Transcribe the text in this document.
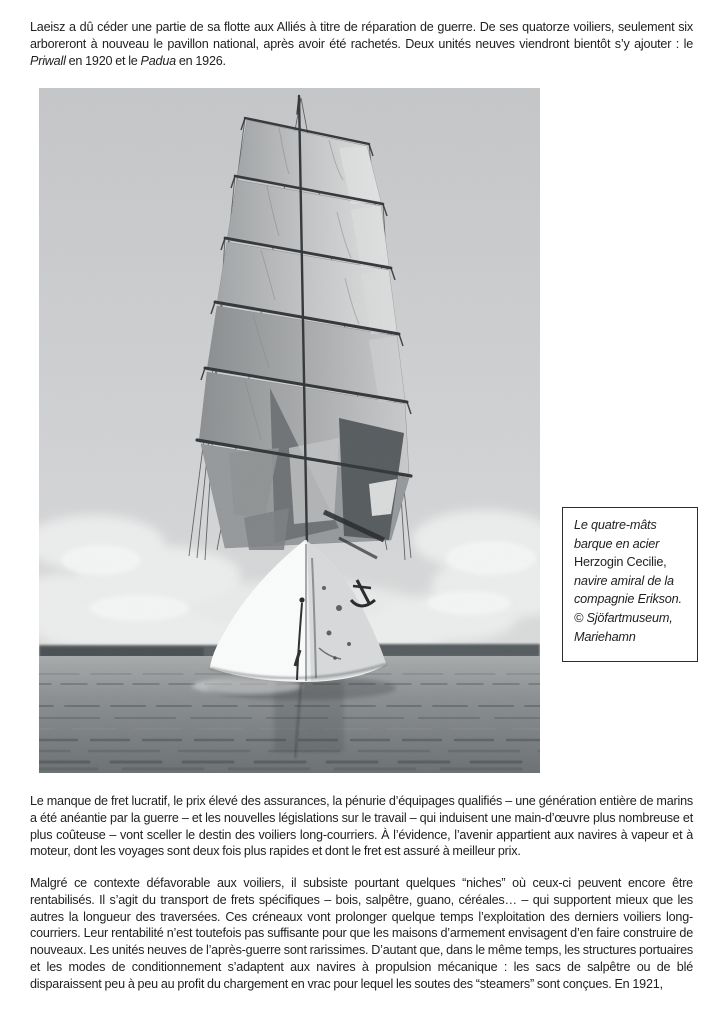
Laeisz a dû céder une partie de sa flotte aux Alliés à titre de réparation de guerre. De ses quatorze voiliers, seulement six arboreront à nouveau le pavillon national, après avoir été rachetés. Deux unités neuves viendront bientôt s’y ajouter : le Priwall en 1920 et le Padua en 1926.

Le quatre-mâts barque en acier Herzogin Cecilie, navire amiral de la compagnie Erikson. © Sjöfartmuseum, Mariehamn

Le manque de fret lucratif, le prix élevé des assurances, la pénurie d’équipages qualifiés – une génération entière de marins a été anéantie par la guerre – et les nouvelles législations sur le travail – qui induisent une main-d’œuvre plus nombreuse et plus coûteuse – vont sceller le destin des voiliers long-courriers. À l’évidence, l’avenir appartient aux navires à vapeur et à moteur, dont les voyages sont deux fois plus rapides et dont le fret est assuré à meilleur prix.

Malgré ce contexte défavorable aux voiliers, il subsiste pourtant quelques “niches” où ceux-ci peuvent encore être rentabilisés. Il s’agit du transport de frets spécifiques – bois, salpêtre, guano, céréales… – qui supportent mieux que les autres la longueur des traversées. Ces créneaux vont prolonger quelque temps l’exploitation des derniers voiliers long-courriers. Leur rentabilité n’est toutefois pas suffisante pour que les maisons d’armement envisagent d’en faire construire de nouveaux. Les unités neuves de l’après-guerre sont rarissimes. D’autant que, dans le même temps, les structures portuaires et les modes de conditionnement s’adaptent aux navires à propulsion mécanique : les sacs de salpêtre ou de blé disparaissent peu à peu au profit du chargement en vrac pour lequel les soutes des “steamers” sont conçues. En 1921,
